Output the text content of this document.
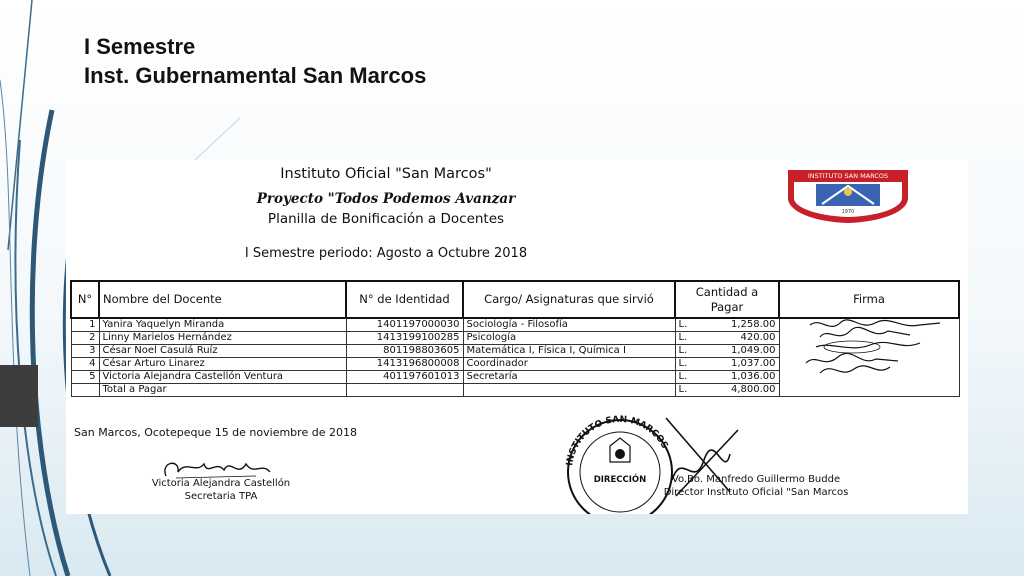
I Semestre
Inst. Gubernamental San Marcos
Instituto Oficial "San Marcos"
Proyecto "Todos Podemos Avanzar
Planilla de Bonificación a Docentes
I Semestre periodo: Agosto a Octubre 2018
INSTITUTO SAN MARCOS
1970
N°	Nombre del Docente	N° de Identidad	Cargo/ Asignaturas que sirvió	Cantidad a Pagar	Firma
1	Yanira Yaquelyn Miranda	1401197000030	Sociología - Filosofía	L. 1,258.00

2	Linny Marielos Hernández	1413199100285	Psicología	L. 420.00	

3	César Noel Casulá Ruíz	801198803605	Matemática I, Física I, Química I	L. 1,049.00	

4	César Arturo Linarez	1413196800008	Coordinador	L. 1,037.00	

5	Victoria Alejandra Castellón Ventura	401197601013	Secretaría	L. 1,036.00	

	Total a Pagar			L. 4,800.00	
San Marcos, Ocotepeque 15 de noviembre de 2018
Victoria Alejandra Castellón
Secretaria TPA
INSTITUTO SAN MARCOS
DIRECCIÓN	Vo.Bo. Manfredo Guillermo Budde
Director Instituto Oficial "San Marcos
